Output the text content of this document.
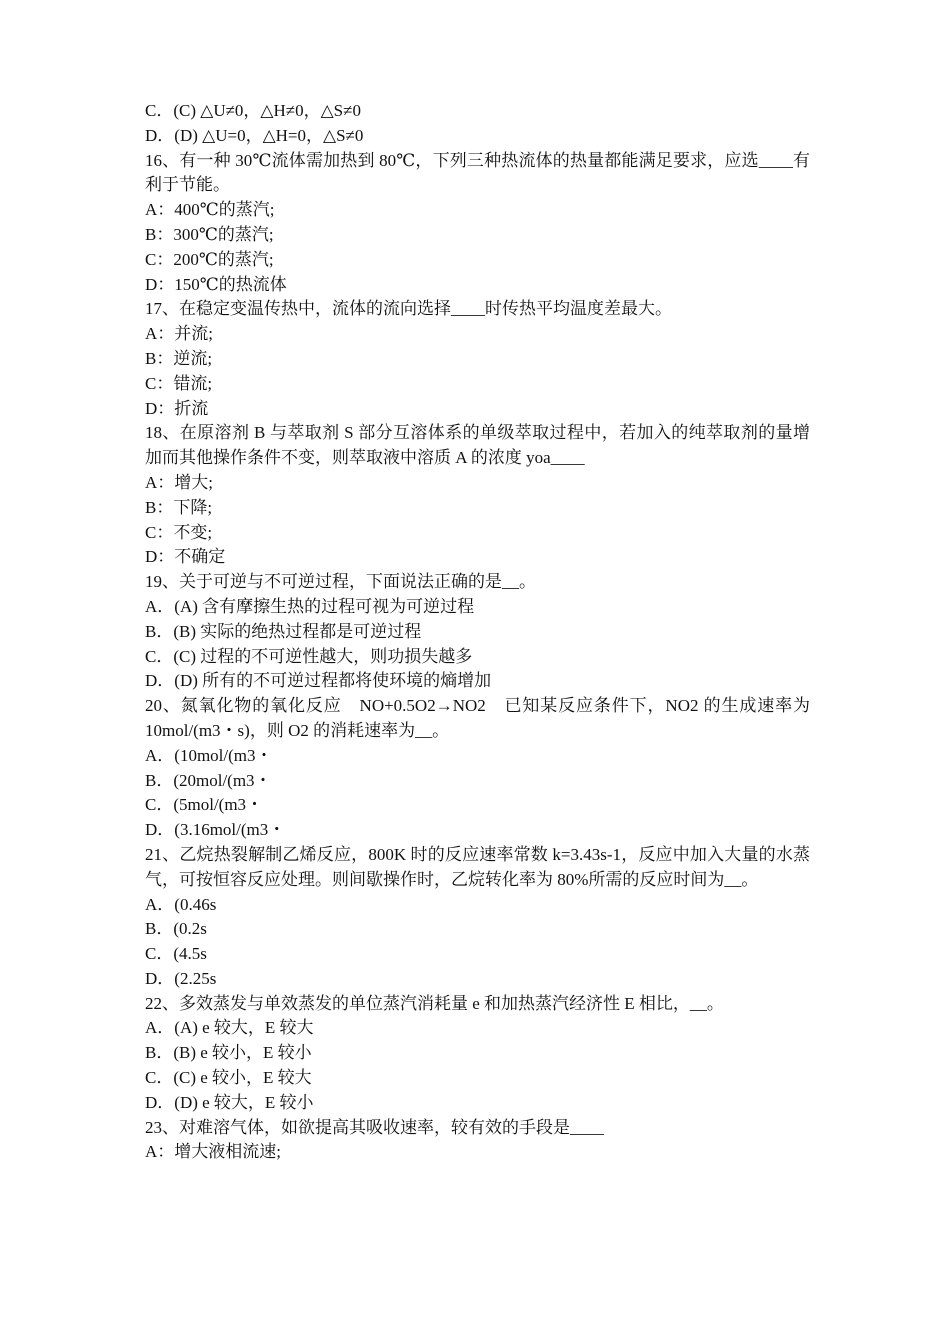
C．(C) △U≠0，△H≠0，△S≠0
D．(D) △U=0，△H=0，△S≠0
16、有一种 30℃流体需加热到 80℃，下列三种热流体的热量都能满足要求，应选____有利于节能。
A：400℃的蒸汽;
B：300℃的蒸汽;
C：200℃的蒸汽;
D：150℃的热流体
17、在稳定变温传热中，流体的流向选择____时传热平均温度差最大。
A：并流;
B：逆流;
C：错流;
D：折流
18、在原溶剂 B 与萃取剂 S 部分互溶体系的单级萃取过程中，若加入的纯萃取剂的量增加而其他操作条件不变，则萃取液中溶质 A 的浓度 yoa____
A：增大;
B：下降;
C：不变;
D：不确定
19、关于可逆与不可逆过程，下面说法正确的是__。
A．(A) 含有摩擦生热的过程可视为可逆过程
B．(B) 实际的绝热过程都是可逆过程
C．(C) 过程的不可逆性越大，则功损失越多
D．(D) 所有的不可逆过程都将使环境的熵增加
20、氮氧化物的氧化反应　NO+0.5O2→NO2　已知某反应条件下，NO2 的生成速率为 10mol/(m3・s)，则 O2 的消耗速率为__。
A．(10mol/(m3・
B．(20mol/(m3・
C．(5mol/(m3・
D．(3.16mol/(m3・
21、乙烷热裂解制乙烯反应，800K 时的反应速率常数 k=3.43s-1，反应中加入大量的水蒸气，可按恒容反应处理。则间歇操作时，乙烷转化率为 80%所需的反应时间为__。
A．(0.46s
B．(0.2s
C．(4.5s
D．(2.25s
22、多效蒸发与单效蒸发的单位蒸汽消耗量 e 和加热蒸汽经济性 E 相比，__。
A．(A) e 较大，E 较大
B．(B) e 较小，E 较小
C．(C) e 较小，E 较大
D．(D) e 较大，E 较小
23、对难溶气体，如欲提高其吸收速率，较有效的手段是____
A：增大液相流速;
